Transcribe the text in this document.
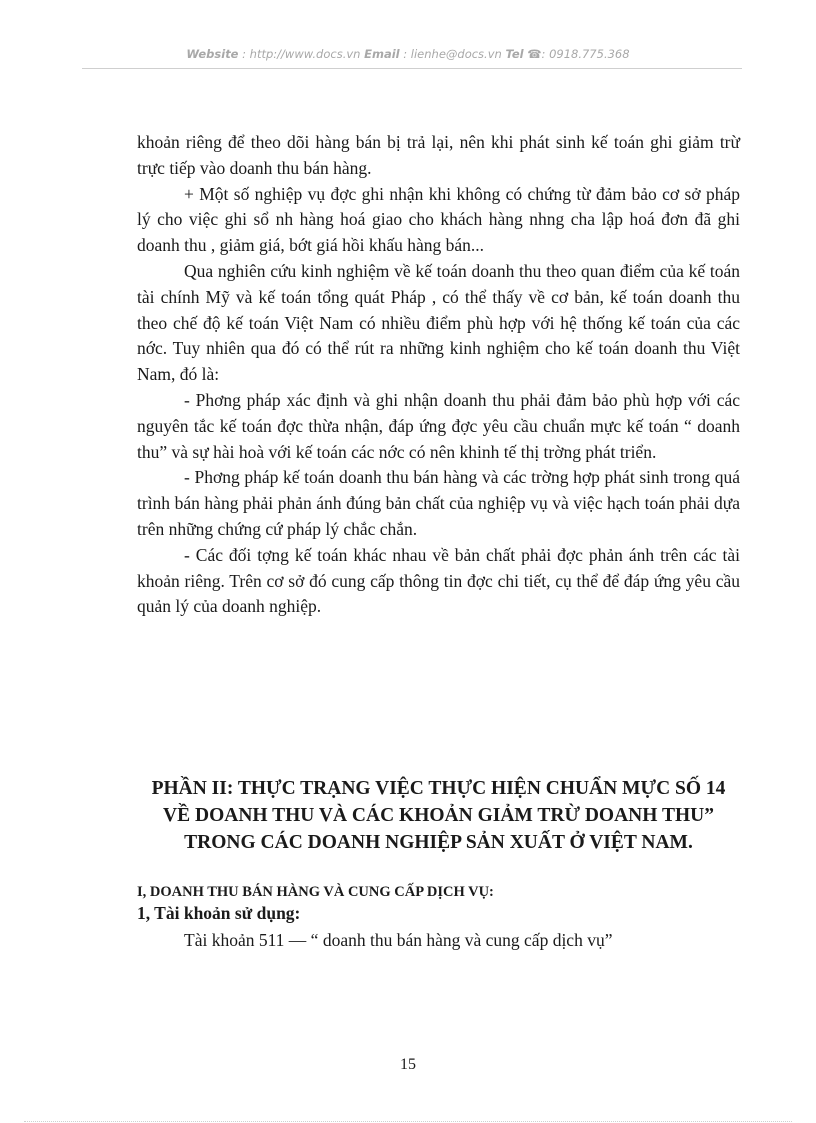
Website : http://www.docs.vn Email : lienhe@docs.vn Tel ☎: 0918.775.368

khoản riêng để theo dõi hàng bán bị trả lại, nên khi phát sinh kế toán ghi giảm trừ trực tiếp vào doanh thu bán hàng.

+ Một số nghiệp vụ đợc ghi nhận khi không có chứng từ đảm bảo cơ sở pháp lý cho việc ghi sổ nh hàng hoá giao cho khách hàng nhng cha lập hoá đơn đã ghi doanh thu , giảm giá, bớt giá hồi khấu hàng bán...

Qua nghiên cứu kinh nghiệm về kế toán doanh thu theo quan điểm của kế toán tài chính Mỹ và kế toán tổng quát Pháp , có thể thấy về cơ bản, kế toán doanh thu theo chế độ kế toán Việt Nam có nhiều điểm phù hợp với hệ thống kế toán của các nớc. Tuy nhiên qua đó có thể rút ra những kinh nghiệm cho kế toán doanh thu Việt Nam, đó là:

- Phơng pháp xác định và ghi nhận doanh thu phải đảm bảo phù hợp với các nguyên tắc kế toán đợc thừa nhận, đáp ứng đợc yêu cầu chuẩn mực kế toán “ doanh thu” và sự hài hoà với kế toán các nớc có nên khinh tế thị trờng phát triển.

- Phơng pháp kế toán doanh thu bán hàng và các trờng hợp phát sinh trong quá trình bán hàng phải phản ánh đúng bản chất của nghiệp vụ và việc hạch toán phải dựa trên những chứng cứ pháp lý chắc chắn.

- Các đối tợng kế toán khác nhau về bản chất phải đợc phản ánh trên các tài khoản riêng. Trên cơ sở đó cung cấp thông tin đợc chi tiết, cụ thể để đáp ứng yêu cầu quản lý của doanh nghiệp.

PHẦN II: THỰC TRẠNG VIỆC THỰC HIỆN CHUẨN MỰC SỐ 14
VỀ DOANH THU VÀ CÁC KHOẢN GIẢM TRỪ DOANH THU”
TRONG CÁC DOANH NGHIỆP SẢN XUẤT Ở VIỆT NAM.
I, DOANH THU BÁN HÀNG VÀ CUNG CẤP DỊCH VỤ:
1, Tài khoản sử dụng:
Tài khoản 511 — “ doanh thu bán hàng và cung cấp dịch vụ”
15
